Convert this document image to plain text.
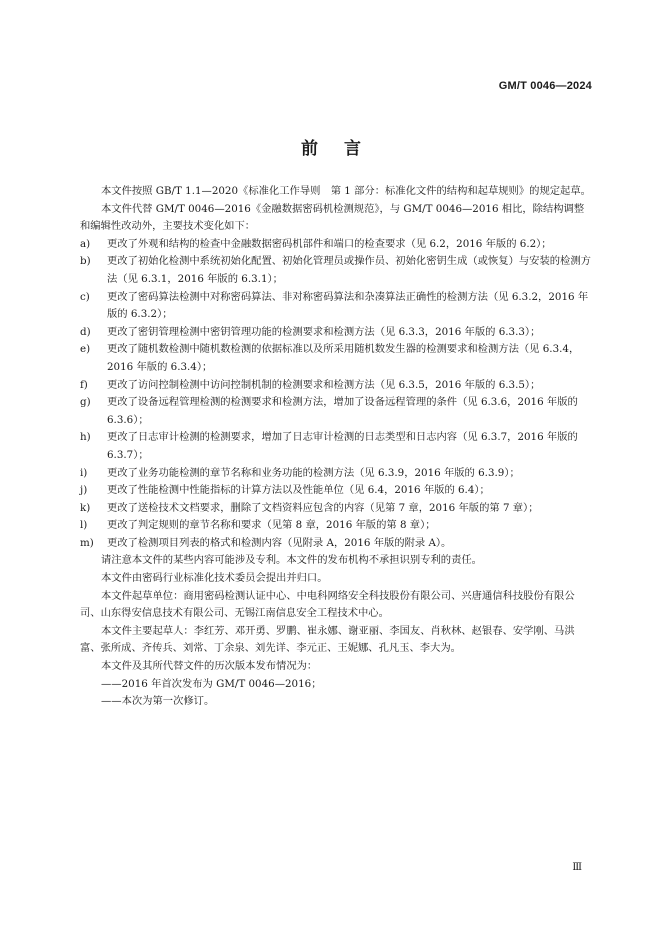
GM/T 0046—2024
前言

本文件按照 GB/T 1.1—2020《标准化工作导则　第 1 部分：标准化文件的结构和起草规则》的规定起草。

本文件代替 GM/T 0046—2016《金融数据密码机检测规范》，与 GM/T 0046—2016 相比，除结构调整和编辑性改动外，主要技术变化如下：

a)	更改了外观和结构的检查中金融数据密码机部件和端口的检查要求（见 6.2，2016 年版的 6.2）；

b)	更改了初始化检测中系统初始化配置、初始化管理员或操作员、初始化密钥生成（或恢复）与安装的检测方法（见 6.3.1，2016 年版的 6.3.1）；

c)	更改了密码算法检测中对称密码算法、非对称密码算法和杂凑算法正确性的检测方法（见 6.3.2，2016 年版的 6.3.2）；

d)	更改了密钥管理检测中密钥管理功能的检测要求和检测方法（见 6.3.3，2016 年版的 6.3.3）；

e)	更改了随机数检测中随机数检测的依据标准以及所采用随机数发生器的检测要求和检测方法（见 6.3.4，2016 年版的 6.3.4）；

f)	更改了访问控制检测中访问控制机制的检测要求和检测方法（见 6.3.5，2016 年版的 6.3.5）；

g)	更改了设备远程管理检测的检测要求和检测方法，增加了设备远程管理的条件（见 6.3.6，2016 年版的 6.3.6）；

h)	更改了日志审计检测的检测要求，增加了日志审计检测的日志类型和日志内容（见 6.3.7，2016 年版的 6.3.7）；

i)	更改了业务功能检测的章节名称和业务功能的检测方法（见 6.3.9，2016 年版的 6.3.9）；

j)	更改了性能检测中性能指标的计算方法以及性能单位（见 6.4，2016 年版的 6.4）；

k)	更改了送检技术文档要求，删除了文档资料应包含的内容（见第 7 章，2016 年版的第 7 章）；

l)	更改了判定规则的章节名称和要求（见第 8 章，2016 年版的第 8 章）；

m)	更改了检测项目列表的格式和检测内容（见附录 A，2016 年版的附录 A）。

请注意本文件的某些内容可能涉及专利。本文件的发布机构不承担识别专利的责任。

本文件由密码行业标准化技术委员会提出并归口。

本文件起草单位：商用密码检测认证中心、中电科网络安全科技股份有限公司、兴唐通信科技股份有限公司、山东得安信息技术有限公司、无锡江南信息安全工程技术中心。

本文件主要起草人：李红芳、邓开勇、罗鹏、崔永娜、谢亚丽、李国友、肖秋林、赵银春、安学刚、马洪富、张所成、齐传兵、刘常、丁余泉、刘先详、李元正、王妮娜、孔凡玉、李大为。

本文件及其所代替文件的历次版本发布情况为：

——2016 年首次发布为 GM/T 0046—2016；

——本次为第一次修订。

Ⅲ
